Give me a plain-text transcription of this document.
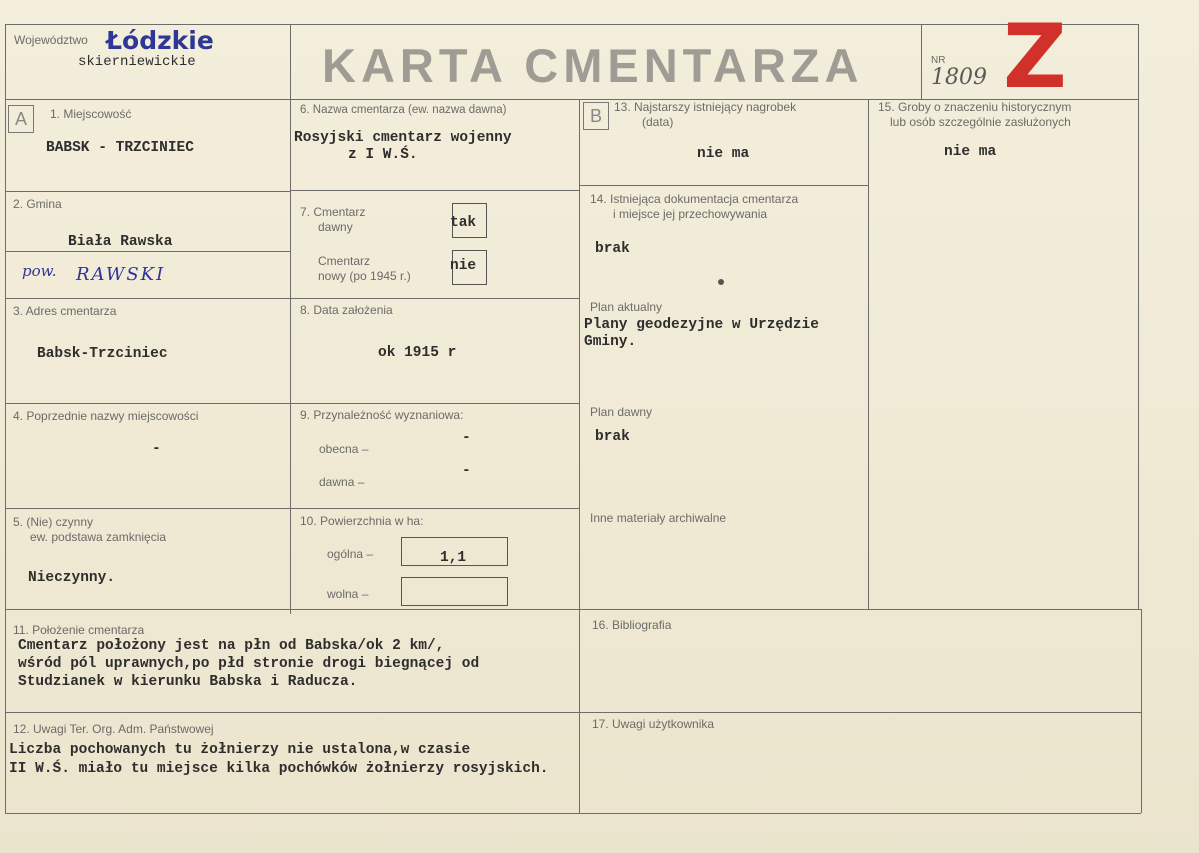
Województwo Łódzkie
skierniewickie	KARTA CMENTARZA	NR
1809 Z
A	B
1. Miejscowość
BABSK - TRZCINIEC
2. Gmina
Biała Rawska
pow. RAWSKI
3. Adres cmentarza
Babsk-Trzciniec
4. Poprzednie nazwy miejscowości
-
5. (Nie) czynny
ew. podstawa zamknięcia
Nieczynny.
6. Nazwa cmentarza (ew. nazwa dawna)
Rosyjski cmentarz wojenny
z I W.Ś.
7. Cmentarz
dawny	tak
Cmentarz
nowy (po 1945 r.)
nie
8. Data założenia
ok 1915 r
9. Przynależność wyznaniowa:
obecna –
-
dawna –
-
10. Powierzchnia w ha:
ogólna –	1,1
wolna –
11. Położenie cmentarza
Cmentarz położony jest na płn od Babska/ok 2 km/,
wśród pól uprawnych,po płd stronie drogi biegnącej od
Studzianek w kierunku Babska i Raducza.
12. Uwagi Ter. Org. Adm. Państwowej
Liczba pochowanych tu żołnierzy nie ustalona,w czasie
II W.Ś. miało tu miejsce kilka pochówków żołnierzy rosyjskich.
13. Najstarszy istniejący nagrobek
(data)
nie ma
14. Istniejąca dokumentacja cmentarza
i miejsce jej przechowywania
brak
Plan aktualny
Plany geodezyjne w Urzędzie
Gminy.
Plan dawny
brak
Inne materiały archiwalne
15. Groby o znaczeniu historycznym
lub osób szczególnie zasłużonych
nie ma
16. Bibliografia
17. Uwagi użytkownika
